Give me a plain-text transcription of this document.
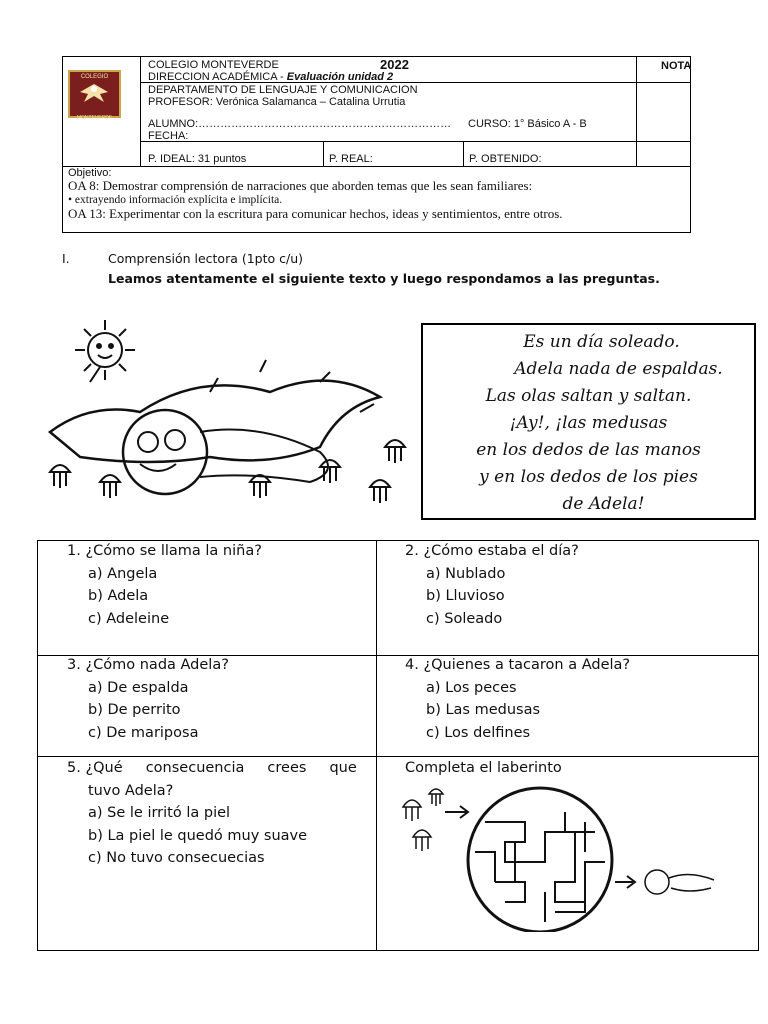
COLEGIO
MONTEVERDE
COLEGIO MONTEVERDE	2022	NOTA
DIRECCION ACADÉMICA - Evaluación unidad 2
DEPARTAMENTO DE LENGUAJE Y COMUNICACION
PROFESOR: Verónica Salamanca – Catalina Urrutia
ALUMNO:…………………………………………………………… CURSO: 1° Básico A - B
FECHA:
P. IDEAL: 31 puntos	P. REAL:	P. OBTENIDO:
Objetivo:
OA 8: Demostrar comprensión de narraciones que aborden temas que les sean familiares:
• extrayendo información explícita e implícita.
OA 13: Experimentar con la escritura para comunicar hechos, ideas y sentimientos, entre otros.
I.	Comprensión lectora (1pto c/u)
Leamos atentamente el siguiente texto y luego respondamos a las preguntas.
Es un día soleado.
Adela nada de espaldas.
Las olas saltan y saltan.
¡Ay!, ¡las medusas
en los dedos de las manos
y en los dedos de los pies
de Adela!
1. ¿Cómo se llama la niña?
a) Angela
b) Adela
c) Adeleine
2. ¿Cómo estaba el día?
a) Nublado
b) Lluvioso
c) Soleado
3. ¿Cómo nada Adela?
a) De espalda
b) De perrito
c) De mariposa
4. ¿Quienes a tacaron a Adela?
a) Los peces
b) Las medusas
c) Los delfines
5. ¿Qué     consecuencia     crees     que
tuvo Adela?
a) Se le irritó la piel
b) La piel le quedó muy suave
c) No tuvo consecuecias
Completa el laberinto
